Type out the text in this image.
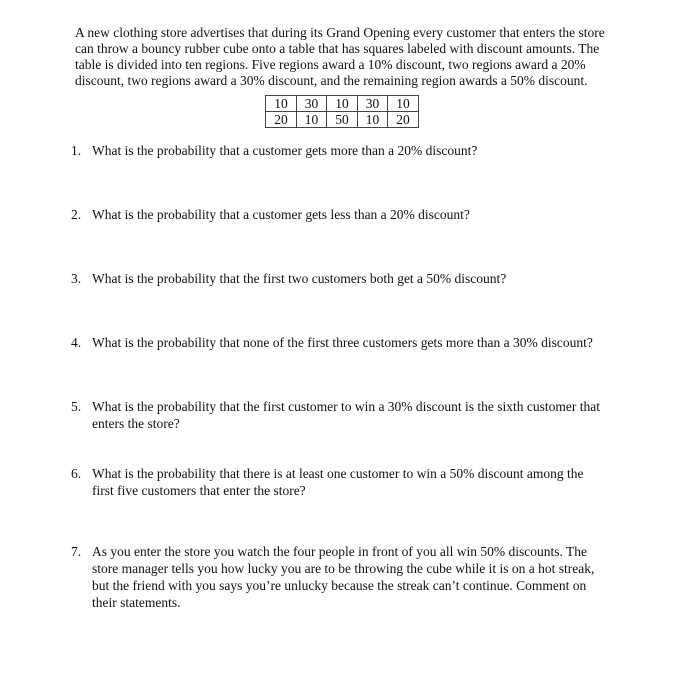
A new clothing store advertises that during its Grand Opening every customer that enters the store can throw a bouncy rubber cube onto a table that has squares labeled with discount amounts. The table is divided into ten regions. Five regions award a 10% discount, two regions award a 20% discount, two regions award a 30% discount, and the remaining region awards a 50% discount.

10	30	10	30	10
20	10	50	10	20
1. What is the probability that a customer gets more than a 20% discount?
2. What is the probability that a customer gets less than a 20% discount?
3. What is the probability that the first two customers both get a 50% discount?
4. What is the probability that none of the first three customers gets more than a 30% discount?
5. What is the probability that the first customer to win a 30% discount is the sixth customer that enters the store?
6. What is the probability that there is at least one customer to win a 50% discount among the first five customers that enter the store?
7. As you enter the store you watch the four people in front of you all win 50% discounts. The store manager tells you how lucky you are to be throwing the cube while it is on a hot streak, but the friend with you says you’re unlucky because the streak can’t continue. Comment on their statements.
